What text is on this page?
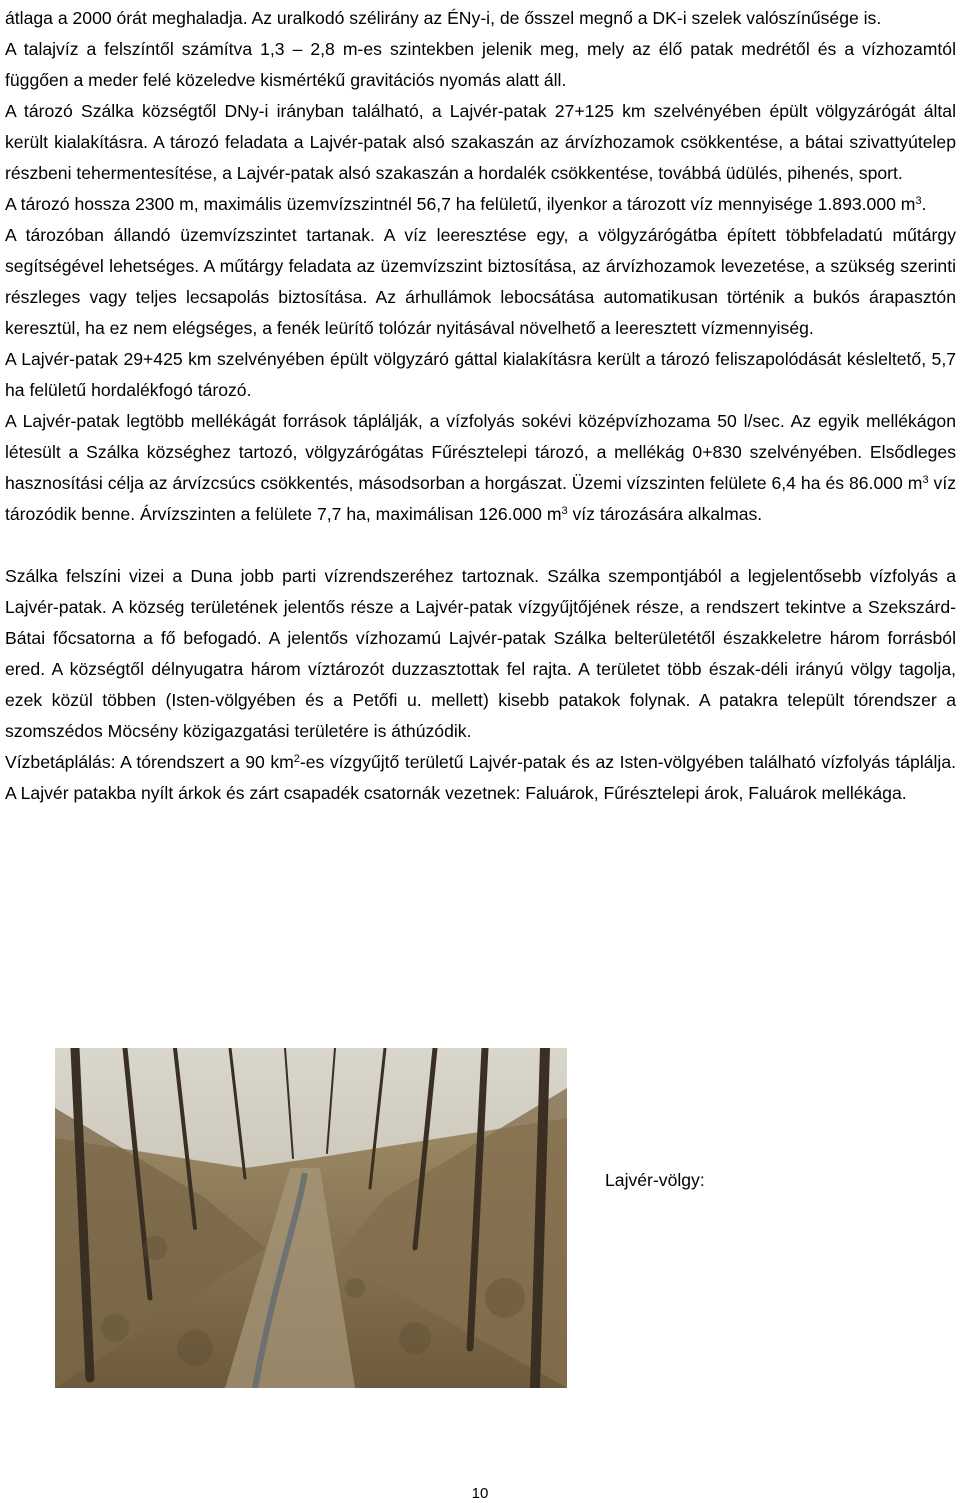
átlaga a 2000 órát meghaladja. Az uralkodó szélirány az ÉNy-i, de ősszel megnő a DK-i szelek valószínűsége is.

A talajvíz a felszíntől számítva 1,3 – 2,8 m-es szintekben jelenik meg, mely az élő patak medrétől és a vízhozamtól függően a meder felé közeledve kismértékű gravitációs nyomás alatt áll.

A tározó Szálka községtől DNy-i irányban található, a Lajvér-patak 27+125 km szelvényében épült völgyzárógát által került kialakításra. A tározó feladata a Lajvér-patak alsó szakaszán az árvízhozamok csökkentése, a bátai szivattyútelep részbeni tehermentesítése, a Lajvér-patak alsó szakaszán a hordalék csökkentése, továbbá üdülés, pihenés, sport.

A tározó hossza 2300 m, maximális üzemvízszintnél 56,7 ha felületű, ilyenkor a tározott víz mennyisége 1.893.000 $m^3$.

A tározóban állandó üzemvízszintet tartanak. A víz leeresztése egy, a völgyzárógátba épített többfeladatú műtárgy segítségével lehetséges. A műtárgy feladata az üzemvízszint biztosítása, az árvízhozamok levezetése, a szükség szerinti részleges vagy teljes lecsapolás biztosítása. Az árhullámok lebocsátása automatikusan történik a bukós árapasztón keresztül, ha ez nem elégséges, a fenék leürítő tolózár nyitásával növelhető a leeresztett vízmennyiség.

A Lajvér-patak 29+425 km szelvényében épült völgyzáró gáttal kialakításra került a tározó feliszapolódását késleltető, 5,7 ha felületű hordalékfogó tározó.

A Lajvér-patak legtöbb mellékágát források táplálják, a vízfolyás sokévi középvízhozama 50 l/sec. Az egyik mellékágon létesült a Szálka községhez tartozó, völgyzárógátas Fűrésztelepi tározó, a mellékág 0+830 szelvényében. Elsődleges hasznosítási célja az árvízcsúcs csökkentés, másodsorban a horgászat. Üzemi vízszinten felülete 6,4 ha és 86.000 $m^3$ víz tározódik benne. Árvízszinten a felülete 7,7 ha, maximálisan 126.000 $m^3$ víz tározására alkalmas.

Szálka felszíni vizei a Duna jobb parti vízrendszeréhez tartoznak. Szálka szempontjából a legjelentősebb vízfolyás a Lajvér-patak. A község területének jelentős része a Lajvér-patak vízgyűjtőjének része, a rendszert tekintve a Szekszárd-Bátai főcsatorna a fő befogadó. A jelentős vízhozamú Lajvér-patak Szálka belterületétől északkeletre három forrásból ered. A községtől délnyugatra három víztározót duzzasztottak fel rajta. A területet több észak-déli irányú völgy tagolja, ezek közül többen (Isten-völgyében és a Petőfi u. mellett) kisebb patakok folynak. A patakra települt tórendszer a szomszédos Möcsény közigazgatási területére is áthúzódik.

Vízbetáplálás: A tórendszert a 90 $km^2-es$ vízgyűjtő területű Lajvér-patak és az Isten-völgyében található vízfolyás táplálja. A Lajvér patakba nyílt árkok és zárt csapadék csatornák vezetnek: Faluárok, Fűrésztelepi árok, Faluárok mellékága.

Lajvér-völgy:
10
